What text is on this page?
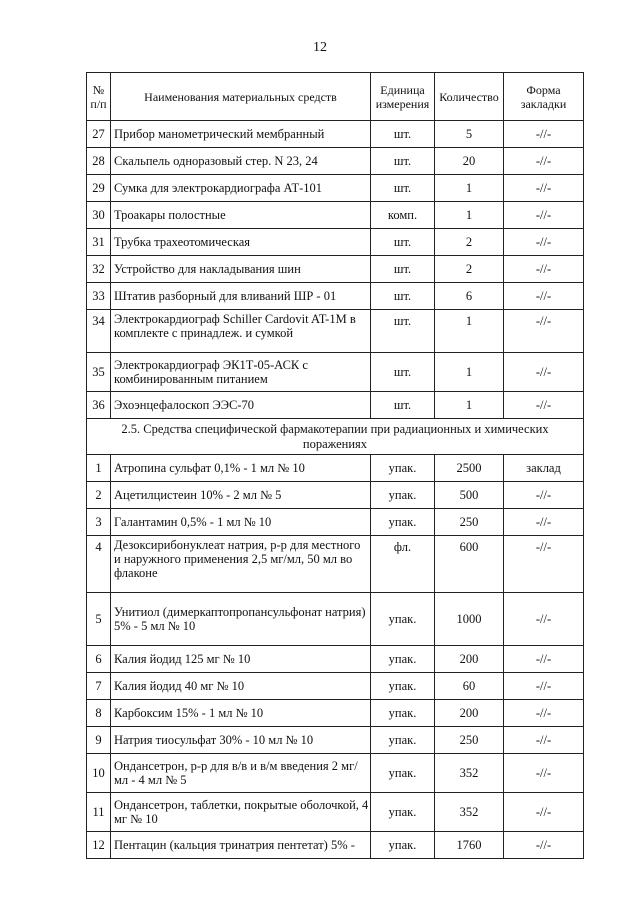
12
№ п/п	Наименования материальных средств	Единица измерения	Количество	Форма закладки
27	Прибор манометрический мембранный	шт.	5	-//-
28	Скальпель одноразовый стер. N 23, 24	шт.	20	-//-
29	Сумка для электрокардиографа АТ-101	шт.	1	-//-
30	Троакары полостные	комп.	1	-//-
31	Трубка трахеотомическая	шт.	2	-//-
32	Устройство для накладывания шин	шт.	2	-//-
33	Штатив разборный для вливаний ШР - 01	шт.	6	-//-
34	Электрокардиограф Schiller Cardovit AT-1M в комплекте с принадлеж. и сумкой	шт.	1	-//-
35	Электрокардиограф ЭК1Т-05-АСК с комбинированным питанием	шт.	1	-//-
36	Эхоэнцефалоскоп ЭЭС-70	шт.	1	-//-
2.5. Средства специфической фармакотерапии при радиационных и химических поражениях				
1	Атропина сульфат 0,1% - 1 мл № 10	упак.	2500	заклад
2	Ацетилцистеин 10% - 2 мл № 5	упак.	500	-//-
3	Галантамин 0,5% - 1 мл № 10	упак.	250	-//-
4	Дезоксирибонуклеат натрия, р-р для местного и наружного применения 2,5 мг/мл, 50 мл во флаконе	фл.	600	-//-
5	Унитиол (димеркаптопропансульфонат натрия) 5% - 5 мл № 10	упак.	1000	-//-
6	Калия йодид 125 мг № 10	упак.	200	-//-
7	Калия йодид 40 мг № 10	упак.	60	-//-
8	Карбоксим 15% - 1 мл № 10	упак.	200	-//-
9	Натрия тиосульфат 30% - 10 мл № 10	упак.	250	-//-
10	Ондансетрон, р-р для в/в и в/м введения 2 мг/мл - 4 мл № 5	упак.	352	-//-
11	Ондансетрон, таблетки, покрытые оболочкой, 4 мг № 10	упак.	352	-//-
12	Пентацин (кальция тринатрия пентетат) 5% -	упак.	1760	-//-
